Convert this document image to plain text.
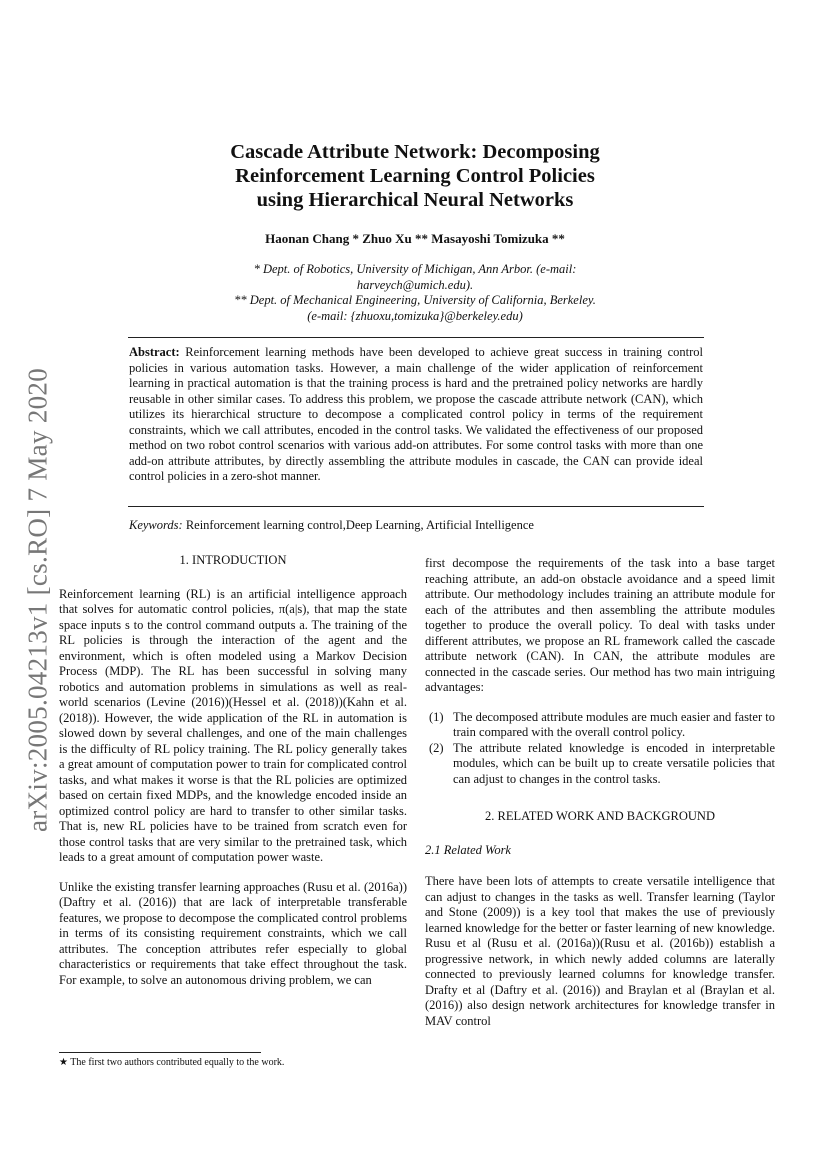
arXiv:2005.04213v1 [cs.RO] 7 May 2020
Cascade Attribute Network: Decomposing
Reinforcement Learning Control Policies
using Hierarchical Neural Networks
Haonan Chang * Zhuo Xu ** Masayoshi Tomizuka **
* Dept. of Robotics, University of Michigan, Ann Arbor. (e-mail:
harveych@umich.edu).
** Dept. of Mechanical Engineering, University of California, Berkeley.
(e-mail: {zhuoxu,tomizuka}@berkeley.edu)
Abstract: Reinforcement learning methods have been developed to achieve great success in training control policies in various automation tasks. However, a main challenge of the wider application of reinforcement learning in practical automation is that the training process is hard and the pretrained policy networks are hardly reusable in other similar cases. To address this problem, we propose the cascade attribute network (CAN), which utilizes its hierarchical structure to decompose a complicated control policy in terms of the requirement constraints, which we call attributes, encoded in the control tasks. We validated the effectiveness of our proposed method on two robot control scenarios with various add-on attributes. For some control tasks with more than one add-on attribute attributes, by directly assembling the attribute modules in cascade, the CAN can provide ideal control policies in a zero-shot manner.
Keywords: Reinforcement learning control,Deep Learning, Artificial Intelligence
1. INTRODUCTION

Reinforcement learning (RL) is an artificial intelligence approach that solves for automatic control policies, π(a|s), that map the state space inputs s to the control command outputs a. The training of the RL policies is through the interaction of the agent and the environment, which is often modeled using a Markov Decision Process (MDP). The RL has been successful in solving many robotics and automation problems in simulations as well as real-world scenarios (Levine (2016))(Hessel et al. (2018))(Kahn et al. (2018)). However, the wide application of the RL in automation is slowed down by several challenges, and one of the main challenges is the difficulty of RL policy training. The RL policy generally takes a great amount of computation power to train for complicated control tasks, and what makes it worse is that the RL policies are optimized based on certain fixed MDPs, and the knowledge encoded inside an optimized control policy are hard to transfer to other similar tasks. That is, new RL policies have to be trained from scratch even for those control tasks that are very similar to the pretrained task, which leads to a great amount of computation power waste.

Unlike the existing transfer learning approaches (Rusu et al. (2016a)) (Daftry et al. (2016)) that are lack of interpretable transferable features, we propose to decompose the complicated control problems in terms of its consisting requirement constraints, which we call attributes. The conception attributes refer especially to global characteristics or requirements that take effect throughout the task. For example, to solve an autonomous driving problem, we can

first decompose the requirements of the task into a base target reaching attribute, an add-on obstacle avoidance and a speed limit attribute. Our methodology includes training an attribute module for each of the attributes and then assembling the attribute modules together to produce the overall policy. To deal with tasks under different attributes, we propose an RL framework called the cascade attribute network (CAN). In CAN, the attribute modules are connected in the cascade series. Our method has two main intriguing advantages:

(1) The decomposed attribute modules are much easier and faster to train compared with the overall control policy.
(2) The attribute related knowledge is encoded in interpretable modules, which can be built up to create versatile policies that can adjust to changes in the control tasks.
2. RELATED WORK AND BACKGROUND
2.1 Related Work

There have been lots of attempts to create versatile intelligence that can adjust to changes in the tasks as well. Transfer learning (Taylor and Stone (2009)) is a key tool that makes the use of previously learned knowledge for the better or faster learning of new knowledge. Rusu et al (Rusu et al. (2016a))(Rusu et al. (2016b)) establish a progressive network, in which newly added columns are laterally connected to previously learned columns for knowledge transfer. Drafty et al (Daftry et al. (2016)) and Braylan et al (Braylan et al. (2016)) also design network architectures for knowledge transfer in MAV control

★ The first two authors contributed equally to the work.
